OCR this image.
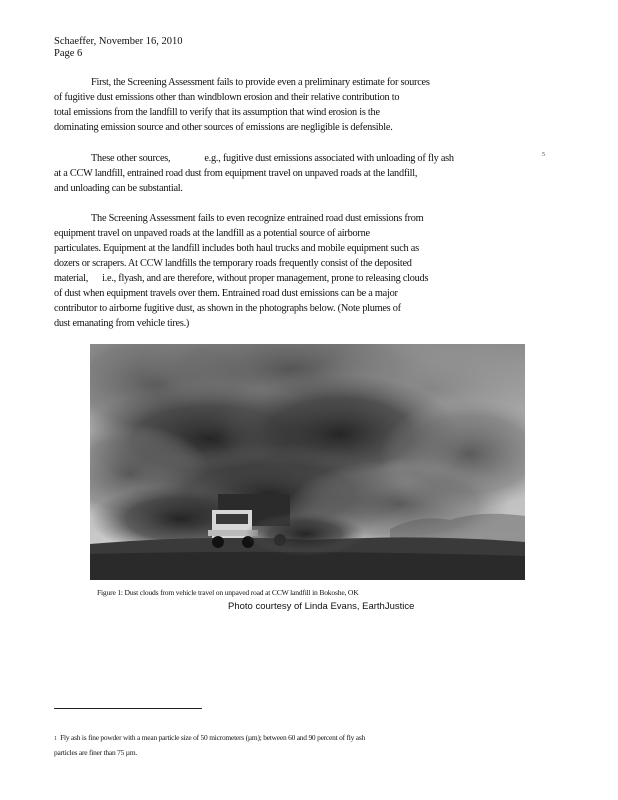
Schaeffer, November 16, 2010
Page 6
First, the Screening Assessment fails to provide even a preliminary estimate for sources
of fugitive dust emissions other than windblown erosion and their relative contribution to
total emissions from the landfill to verify that its assumption that wind erosion is the
dominating emission source and other sources of emissions are negligible is defensible.
These other sources,	e.g., fugitive dust emissions associated with unloading of fly ash
at a CCW landfill, entrained road dust from equipment travel on unpaved roads at the landfill,
and unloading can be substantial.
5
The Screening Assessment fails to even recognize entrained road dust emissions from
equipment travel on unpaved roads at the landfill as a potential source of airborne
particulates. Equipment at the landfill includes both haul trucks and mobile equipment such as
dozers or scrapers. At CCW landfills the temporary roads frequently consist of the deposited
material, i.e., flyash, and are therefore, without proper management, prone to releasing clouds
of dust when equipment travels over them. Entrained road dust emissions can be a major
contributor to airborne fugitive dust, as shown in the photographs below. (Note plumes of
dust emanating from vehicle tires.)
Figure 1: Dust clouds from vehicle travel on unpaved road at CCW landfill in Bokoshe, OK
Photo courtesy of Linda Evans, EarthJustice
1 Fly ash is fine powder with a mean particle size of 50 micrometers (µm); between 60 and 90 percent of fly ash
particles are finer than 75 µm.
